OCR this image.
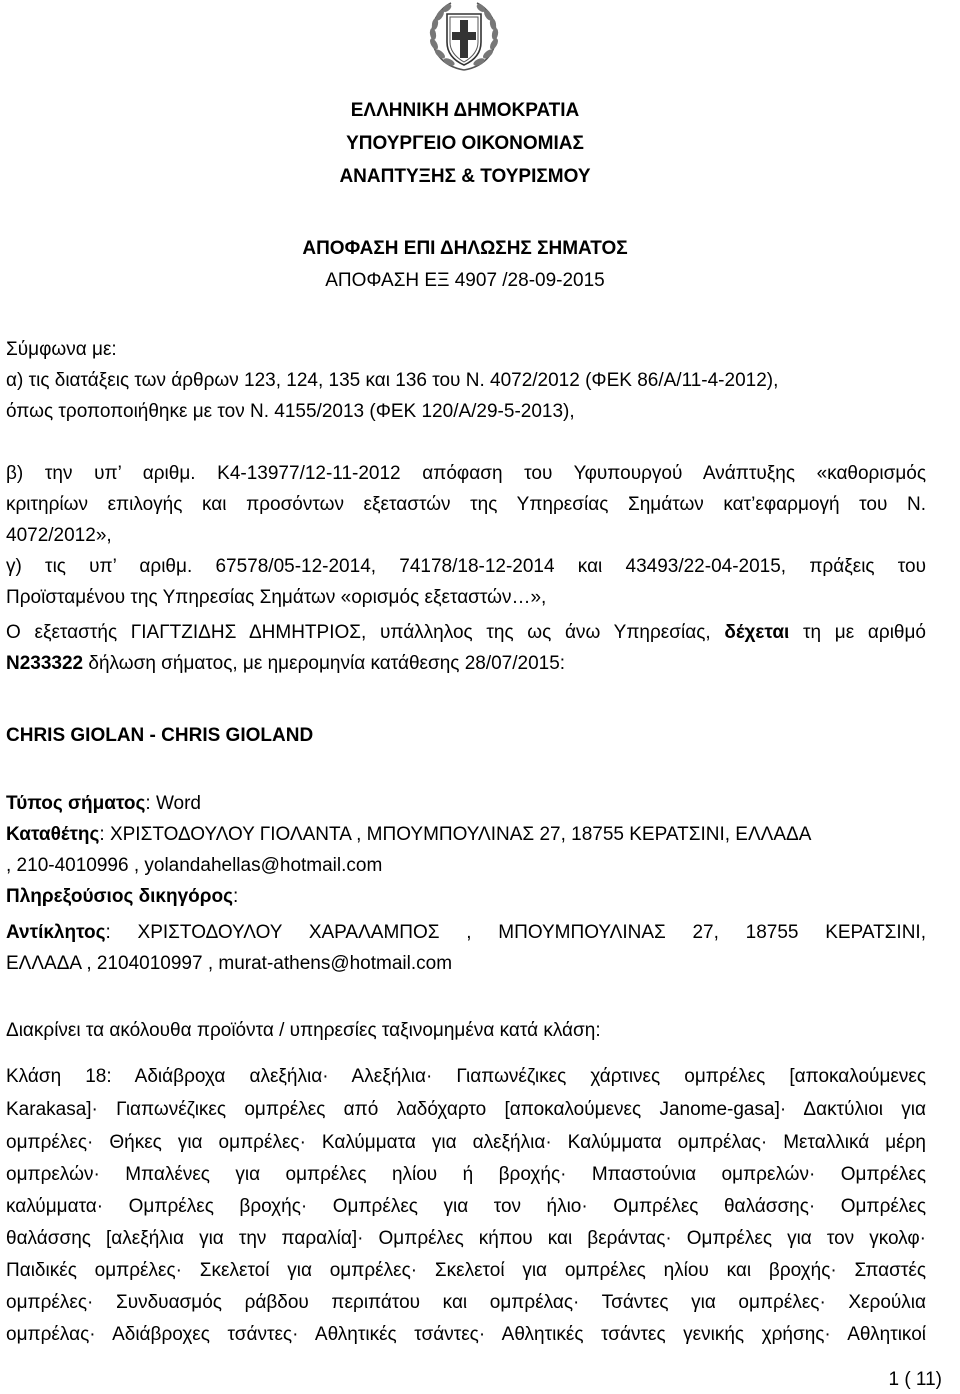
ΕΛΛΗΝΙΚΗ ΔΗΜΟΚΡΑΤΙΑ
ΥΠΟΥΡΓΕΙΟ ΟΙΚΟΝΟΜΙΑΣ
ΑΝΑΠΤΥΞΗΣ & ΤΟΥΡΙΣΜΟΥ
ΑΠΟΦΑΣΗ ΕΠΙ ΔΗΛΩΣΗΣ ΣΗΜΑΤΟΣ
ΑΠΟΦΑΣΗ ΕΞ 4907 /28-09-2015
Σύμφωνα με:
α) τις διατάξεις των άρθρων 123, 124, 135 και 136 του Ν. 4072/2012 (ΦΕΚ 86/Α/11-4-2012),
όπως τροποποιήθηκε με τον Ν. 4155/2013 (ΦΕΚ 120/Α/29-5-2013),
β) την υπ’ αριθμ. Κ4-13977/12-11-2012 απόφαση του Υφυπουργού Ανάπτυξης «καθορισμός
κριτηρίων επιλογής και προσόντων εξεταστών της Υπηρεσίας Σημάτων κατ’εφαρμογή του Ν.
4072/2012»,
γ) τις υπ’ αριθμ. 67578/05-12-2014, 74178/18-12-2014 και 43493/22-04-2015, πράξεις του
Προϊσταμένου της Υπηρεσίας Σημάτων «ορισμός εξεταστών…»,
Ο εξεταστής ΓΙΑΓΤΖΙΔΗΣ ΔΗΜΗΤΡΙΟΣ, υπάλληλος της ως άνω Υπηρεσίας, δέχεται τη με αριθμό
Ν233322 δήλωση σήματος, με ημερομηνία κατάθεσης 28/07/2015:
CHRIS GIOLAN - CHRIS GIOLAND
Τύπος σήματος: Word
Καταθέτης: ΧΡΙΣΤΟΔΟΥΛΟΥ ΓΙΟΛΑΝΤΑ , ΜΠΟΥΜΠΟΥΛΙΝΑΣ 27, 18755 ΚΕΡΑΤΣΙΝΙ, ΕΛΛΑΔΑ
, 210-4010996 , yolandahellas@hotmail.com
Πληρεξούσιος δικηγόρος:
Αντίκλητος: ΧΡΙΣΤΟΔΟΥΛΟΥ ΧΑΡΑΛΑΜΠΟΣ , ΜΠΟΥΜΠΟΥΛΙΝΑΣ 27, 18755 ΚΕΡΑΤΣΙΝΙ,
ΕΛΛΑΔΑ , 2104010997 , murat-athens@hotmail.com
Διακρίνει τα ακόλουθα προϊόντα / υπηρεσίες ταξινομημένα κατά κλάση:
Κλάση 18: Αδιάβροχα αλεξήλια· Αλεξήλια· Γιαπωνέζικες χάρτινες ομπρέλες [αποκαλούμενες
Karakasa]· Γιαπωνέζικες ομπρέλες από λαδόχαρτο [αποκαλούμενες Janome-gasa]· Δακτύλιοι για
ομπρέλες· Θήκες για ομπρέλες· Καλύμματα για αλεξήλια· Καλύμματα ομπρέλας· Μεταλλικά μέρη
ομπρελών· Μπαλένες για ομπρέλες ηλίου ή βροχής· Μπαστούνια ομπρελών· Ομπρέλες
καλύμματα· Ομπρέλες βροχής· Ομπρέλες για τον ήλιο· Ομπρέλες θαλάσσης· Ομπρέλες
θαλάσσης [αλεξήλια για την παραλία]· Ομπρέλες κήπου και βεράντας· Ομπρέλες για τον γκολφ·
Παιδικές ομπρέλες· Σκελετοί για ομπρέλες· Σκελετοί για ομπρέλες ηλίου και βροχής· Σπαστές
ομπρέλες· Συνδυασμός ράβδου περιπάτου και ομπρέλας· Τσάντες για ομπρέλες· Χερούλια
ομπρέλας· Αδιάβροχες τσάντες· Αθλητικές τσάντες· Αθλητικές τσάντες γενικής χρήσης· Αθλητικοί
1 ( 11)
